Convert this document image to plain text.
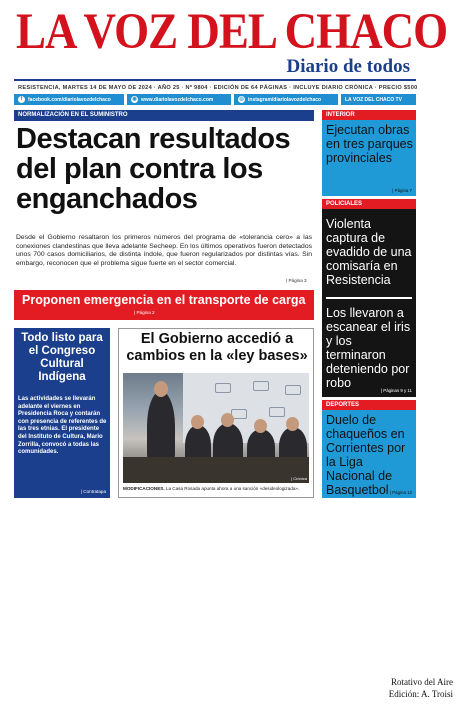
LA VOZ DEL CHACO
Diario de todos
RESISTENCIA, MARTES 14 DE MAYO DE 2024 · AÑO 25 · Nº 9804 · EDICIÓN DE 64 PÁGINAS · INCLUYE DIARIO CRÓNICA · PRECIO $500
f	facebook.com/diariolavozdelchaco	◉ www.diariolavozdelchaco.com	◎ instagram/diariolavozdelchaco	LA VOZ DEL CHACO TV
NORMALIZACIÓN EN EL SUMINISTRO
Destacan resultados del plan contra los enganchados

Desde el Gobierno resaltaron los primeros números del programa de «tolerancia cero» a las conexiones clandestinas que lleva adelante Secheep. En los últimos operativos fueron detectados unos 700 casos domiciliarios, de distinta índole, que fueron regularizados por distintas vías. Sin embargo, reconocen que el problema sigue fuerte en el sector comercial.

| Página 3
Proponen emergencia en el transporte de carga
| Página 2
Todo listo para el Congreso Cultural Indígena
Las actividades se llevarán adelante el viernes en Presidencia Roca y contarán con presencia de referentes de las tres etnias. El presidente del Instituto de Cultura, Mario Zorrilla, convocó a todas las comunidades.
| Contratapa
El Gobierno accedió a cambios en la «ley bases»
| Crónica
MODIFICACIONES. La Casa Rosada apunta ahora a una sanción «desideologizada».
INTERIOR
Ejecutan obras en tres parques provinciales
| Página 7
POLICIALES
Violenta captura de evadido de una comisaría en Resistencia
Los llevaron a escanear el iris y los terminaron deteniendo por robo
| Páginas 9 y 11
DEPORTES
Duelo de chaqueños en Corrientes por la Liga Nacional de Basquetbol | Página 12
Rotativo del Aire
Edición: A. Troisi
